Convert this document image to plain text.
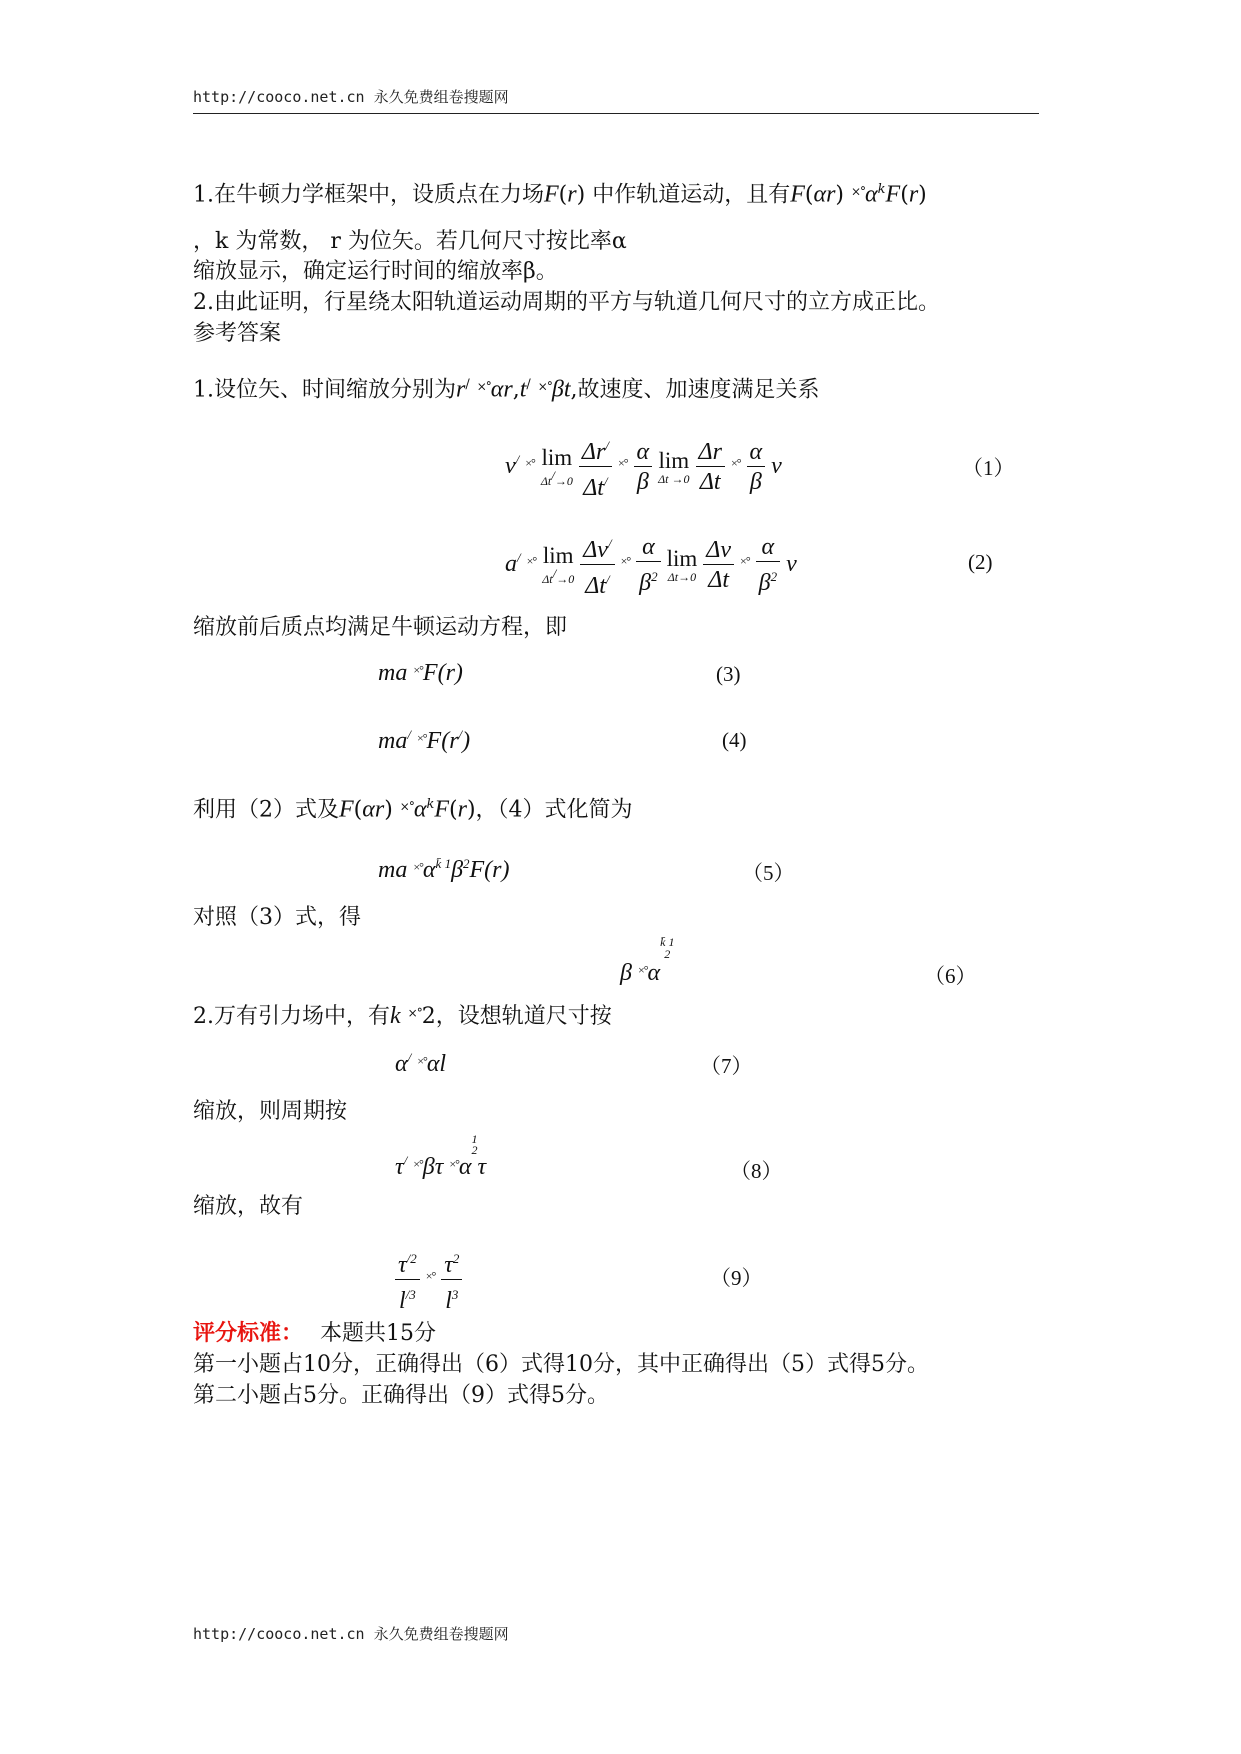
http://cooco.net.cn 永久免费组卷搜题网
1.在牛顿力学框架中，设质点在力场F(r) 中作轨道运动，且有F(αr) $^{\times^\circ}\alpha^kF(r)$
，k 为常数， r 为位矢。若几何尺寸按比率α
缩放显示，确定运行时间的缩放率β。
2.由此证明，行星绕太阳轨道运动周期的平方与轨道几何尺寸的立方成正比。
参考答案
1.设位矢、时间缩放分别为r/ ×°αr,t/ ×°βt,故速度、加速度满足关系
v/ ×° lim
Δt/→0
$\frac{\Delta r^/}{\Delta t^/} ^{\times^\circ} \frac{\alpha}{\beta}$
lim
Δt →0
$\frac{\Delta r}{\Delta t} ^{\times^\circ} \frac{\alpha}{\beta}$ v	（1）
a/ ×° lim
Δt/→0
$\frac{\Delta v^/}{\Delta t^/} ^{\times^\circ} \frac{\alpha}{\beta^2}$
lim
Δt→0
$\frac{\Delta v}{\Delta t} ^{\times^\circ} \frac{\alpha}{\beta^2}$ v	(2)
缩放前后质点均满足牛顿运动方程，即
ma ×°F(r)	(3)
ma/ ×°F(r/)	(4)
利用（2）式及F(αr) $^{\times^\circ}\alpha^kF(r)$，（4）式化简为
ma $^{\times^\circ}\alpha^{k̄ 1}\beta^2F(r)$	（5）
对照（3）式，得
β ×°αk̄ 1
2
（6）
2.万有引力场中，有k ×°2，设想轨道尺寸按
α/ ×°αl	（7）
缩放，则周期按
τ/ ×°βτ ×°α1
2τ	（8）
缩放，故有
$\frac{\tau^{/2}}{l^{/3}} ^{\times^\circ} \frac{\tau^2}{l^3}$	（9）
评分标准： 本题共15分
第一小题占10分，正确得出（6）式得10分，其中正确得出（5）式得5分。
第二小题占5分。正确得出（9）式得5分。
http://cooco.net.cn 永久免费组卷搜题网
